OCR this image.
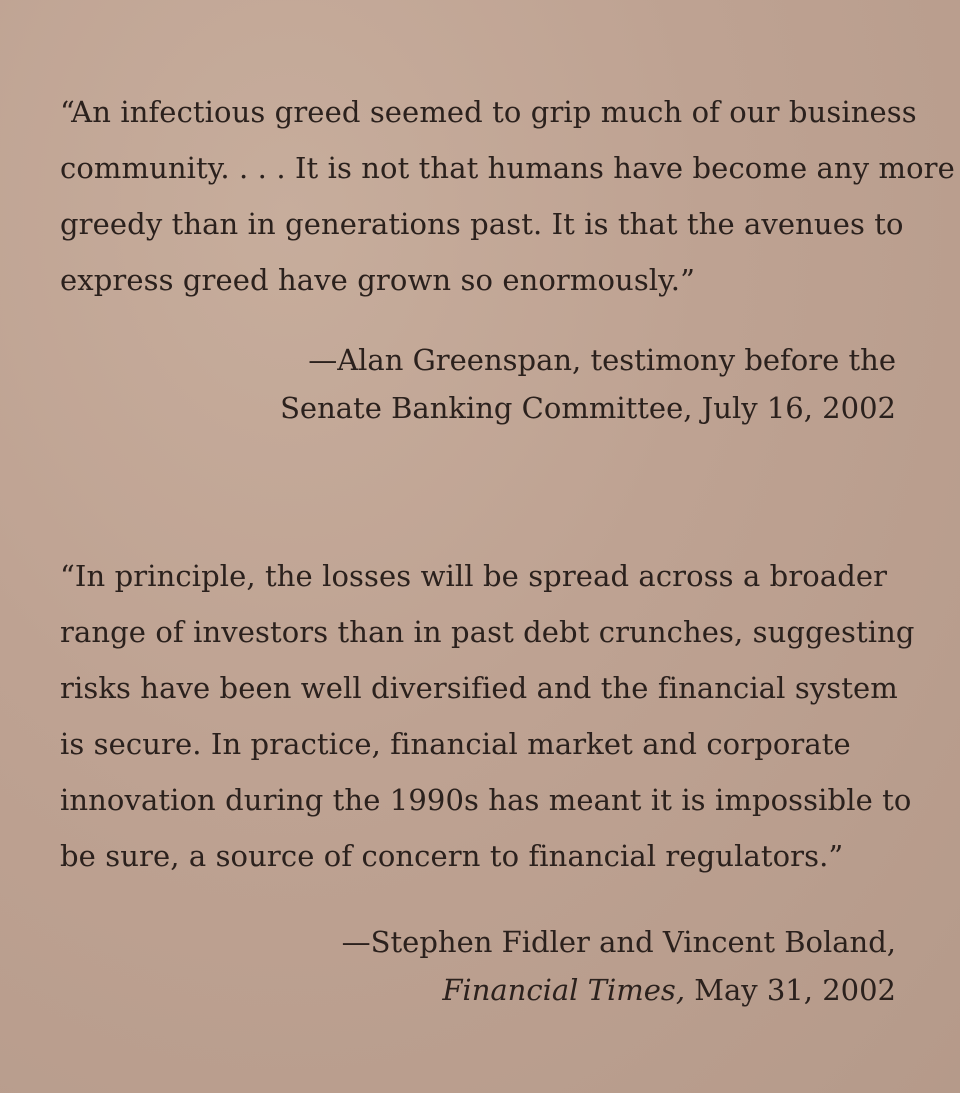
“An infectious greed seemed to grip much of our business
community. . . . It is not that humans have become any more
greedy than in generations past. It is that the avenues to
express greed have grown so enormously.”
—Alan Greenspan, testimony before the
Senate Banking Committee, July 16, 2002
“In principle, the losses will be spread across a broader
range of investors than in past debt crunches, suggesting
risks have been well diversified and the financial system
is secure. In practice, financial market and corporate
innovation during the 1990s has meant it is impossible to
be sure, a source of concern to financial regulators.”
—Stephen Fidler and Vincent Boland,
Financial Times, May 31, 2002
